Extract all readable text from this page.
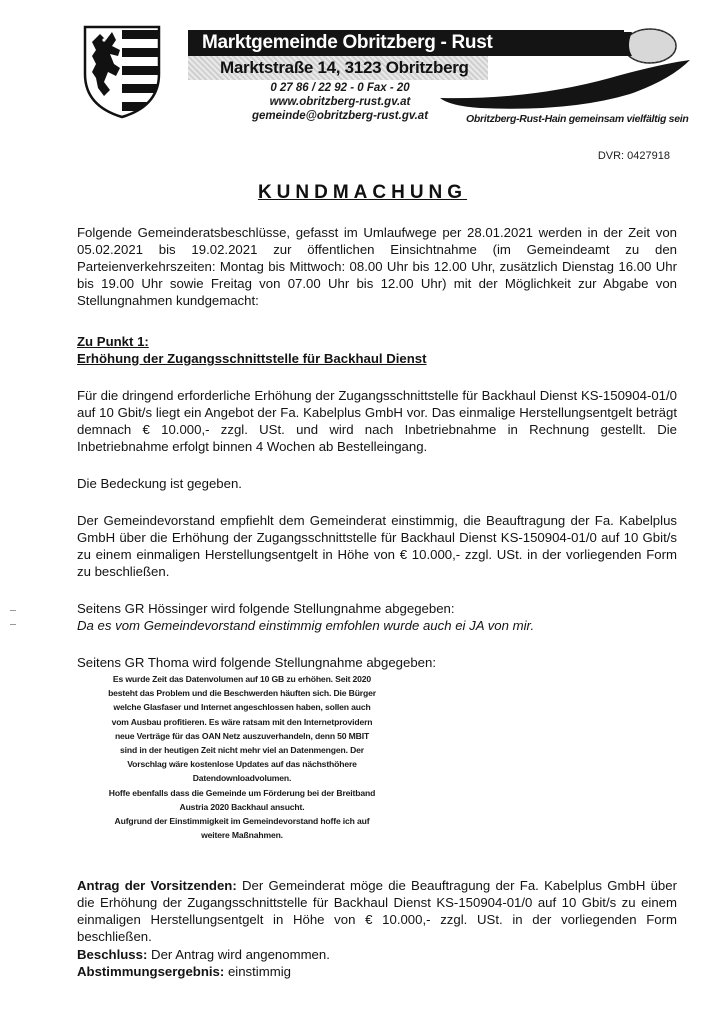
Marktgemeinde Obritzberg - Rust
Marktstraße 14, 3123 Obritzberg
0 27 86 / 22 92 - 0 Fax - 20
www.obritzberg-rust.gv.at
gemeinde@obritzberg-rust.gv.at	Obritzberg-Rust-Hain gemeinsam vielfältig sein
DVR: 0427918
KUNDMACHUNG
Folgende Gemeinderatsbeschlüsse, gefasst im Umlaufwege per 28.01.2021 werden in der Zeit von 05.02.2021 bis 19.02.2021 zur öffentlichen Einsichtnahme (im Gemeindeamt zu den Parteienverkehrszeiten: Montag bis Mittwoch: 08.00 Uhr bis 12.00 Uhr, zusätzlich Dienstag 16.00 Uhr bis 19.00 Uhr sowie Freitag von 07.00 Uhr bis 12.00 Uhr) mit der Möglichkeit zur Abgabe von Stellungnahmen kundgemacht:
Zu Punkt 1:
Erhöhung der Zugangsschnittstelle für Backhaul Dienst
Für die dringend erforderliche Erhöhung der Zugangsschnittstelle für Backhaul Dienst KS-150904-01/0 auf 10 Gbit/s liegt ein Angebot der Fa. Kabelplus GmbH vor. Das einmalige Herstellungsentgelt beträgt demnach € 10.000,- zzgl. USt. und wird nach Inbetriebnahme in Rechnung gestellt. Die Inbetriebnahme erfolgt binnen 4 Wochen ab Bestelleingang.
Die Bedeckung ist gegeben.
Der Gemeindevorstand empfiehlt dem Gemeinderat einstimmig, die Beauftragung der Fa. Kabelplus GmbH über die Erhöhung der Zugangsschnittstelle für Backhaul Dienst KS-150904-01/0 auf 10 Gbit/s zu einem einmaligen Herstellungsentgelt in Höhe von € 10.000,- zzgl. USt. in der vorliegenden Form zu beschließen.
Seitens GR Hössinger wird folgende Stellungnahme abgegeben:
Da es vom Gemeindevorstand einstimmig emfohlen wurde auch ei JA von mir.
Seitens GR Thoma wird folgende Stellungnahme abgegeben:
Es wurde Zeit das Datenvolumen auf 10 GB zu erhöhen. Seit 2020
besteht das Problem und die Beschwerden häuften sich. Die Bürger
welche Glasfaser und Internet angeschlossen haben, sollen auch
vom Ausbau profitieren. Es wäre ratsam mit den Internetprovidern
neue Verträge für das OAN Netz auszuverhandeln, denn 50 MBIT
sind in der heutigen Zeit nicht mehr viel an Datenmengen. Der
Vorschlag wäre kostenlose Updates auf das nächsthöhere
Datendownloadvolumen.
Hoffe ebenfalls dass die Gemeinde um Förderung bei der Breitband
Austria 2020 Backhaul ansucht.
Aufgrund der Einstimmigkeit im Gemeindevorstand hoffe ich auf
weitere Maßnahmen.
Antrag der Vorsitzenden: Der Gemeinderat möge die Beauftragung der Fa. Kabelplus GmbH über die Erhöhung der Zugangsschnittstelle für Backhaul Dienst KS-150904-01/0 auf 10 Gbit/s zu einem einmaligen Herstellungsentgelt in Höhe von € 10.000,- zzgl. USt. in der vorliegenden Form beschließen.
Beschluss: Der Antrag wird angenommen.
Abstimmungsergebnis: einstimmig
